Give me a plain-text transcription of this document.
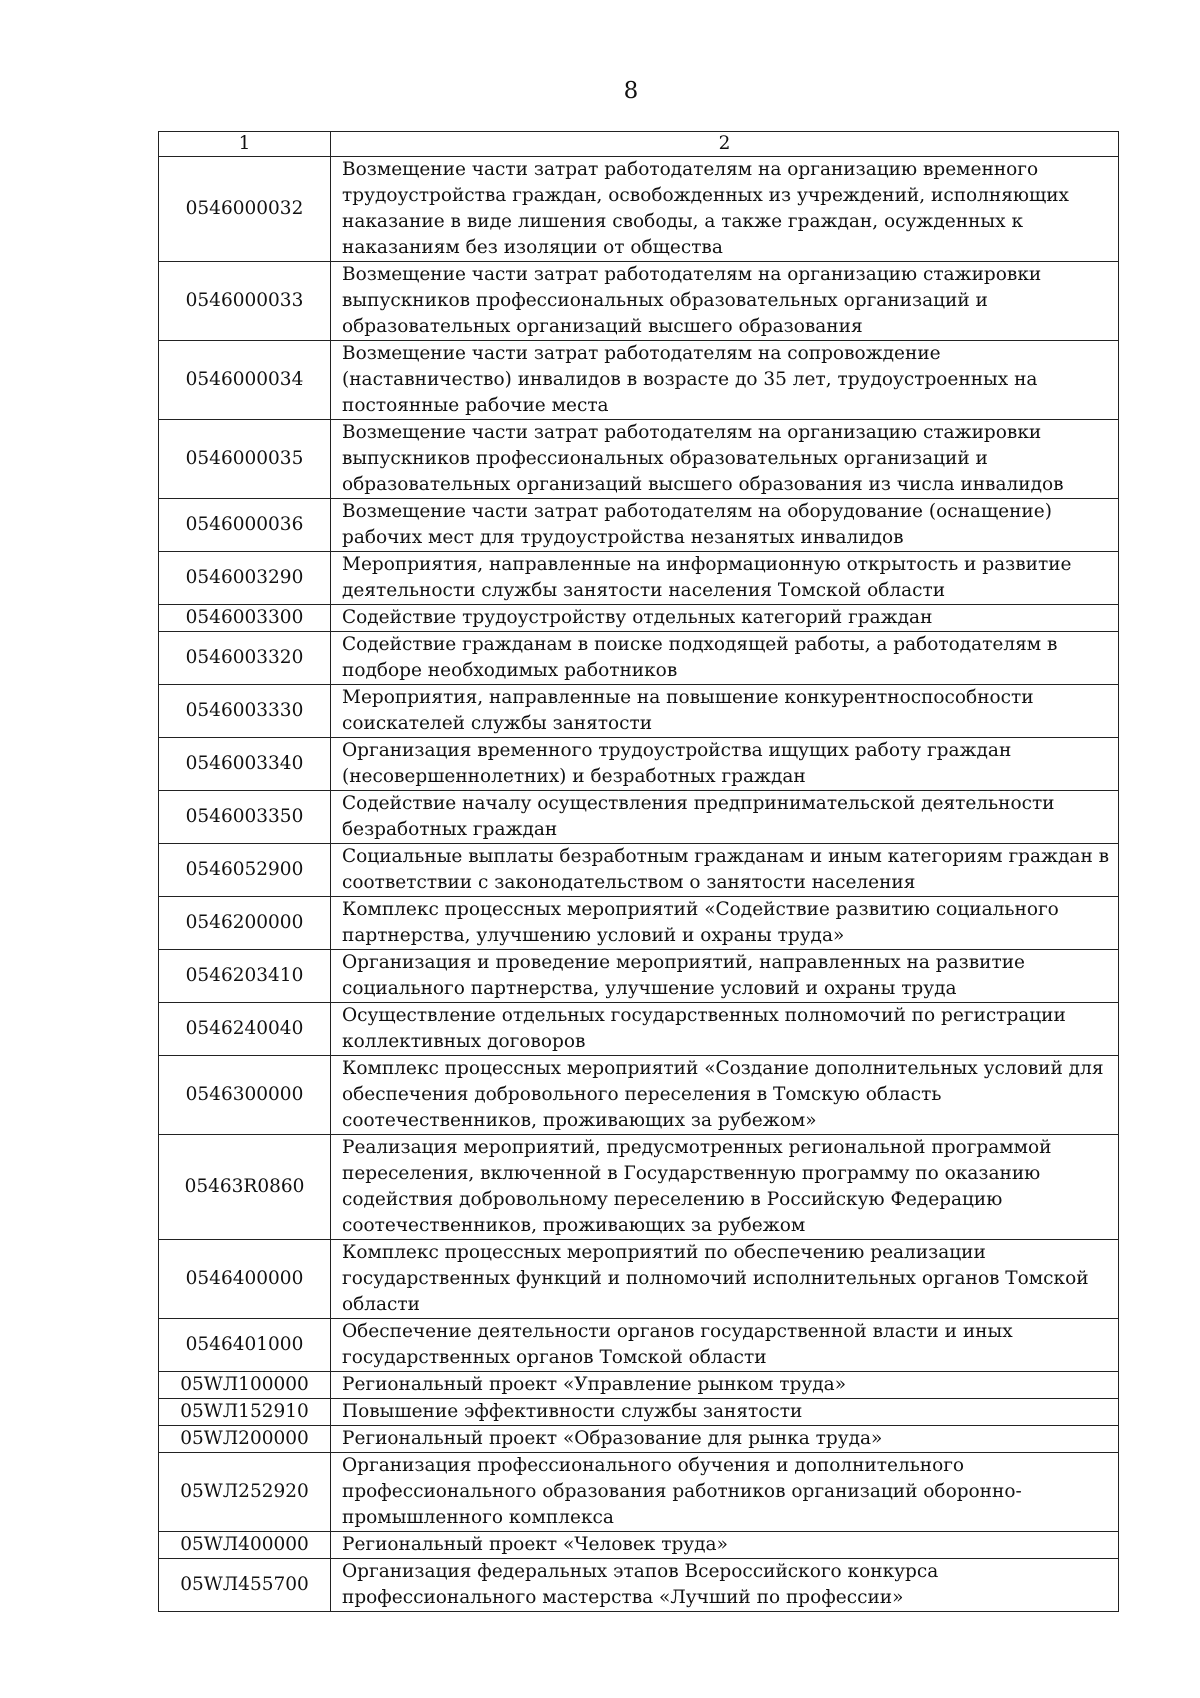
8
1	2
0546000032	Возмещение части затрат работодателям на организацию временного трудоустройства граждан, освобожденных из учреждений, исполняющих наказание в виде лишения свободы, а также граждан, осужденных к наказаниям без изоляции от общества
0546000033	Возмещение части затрат работодателям на организацию стажировки выпускников профессиональных образовательных организаций и образовательных организаций высшего образования
0546000034	Возмещение части затрат работодателям на сопровождение (наставничество) инвалидов в возрасте до 35 лет, трудоустроенных на постоянные рабочие места
0546000035	Возмещение части затрат работодателям на организацию стажировки выпускников профессиональных образовательных организаций и образовательных организаций высшего образования из числа инвалидов
0546000036	Возмещение части затрат работодателям на оборудование (оснащение) рабочих мест для трудоустройства незанятых инвалидов
0546003290	Мероприятия, направленные на информационную открытость и развитие деятельности службы занятости населения Томской области
0546003300	Содействие трудоустройству отдельных категорий граждан
0546003320	Содействие гражданам в поиске подходящей работы, а работодателям в подборе необходимых работников
0546003330	Мероприятия, направленные на повышение конкурентноспособности соискателей службы занятости
0546003340	Организация временного трудоустройства ищущих работу граждан (несовершеннолетних) и безработных граждан
0546003350	Содействие началу осуществления предпринимательской деятельности безработных граждан
0546052900	Социальные выплаты безработным гражданам и иным категориям граждан в соответствии с законодательством о занятости населения
0546200000	Комплекс процессных мероприятий «Содействие развитию социального партнерства, улучшению условий и охраны труда»
0546203410	Организация и проведение мероприятий, направленных на развитие социального партнерства, улучшение условий и охраны труда
0546240040	Осуществление отдельных государственных полномочий по регистрации коллективных договоров
0546300000	Комплекс процессных мероприятий «Создание дополнительных условий для обеспечения добровольного переселения в Томскую область соотечественников, проживающих за рубежом»
05463R0860	Реализация мероприятий, предусмотренных региональной программой переселения, включенной в Государственную программу по оказанию содействия добровольному переселению в Российскую Федерацию соотечественников, проживающих за рубежом
0546400000	Комплекс процессных мероприятий по обеспечению реализации государственных функций и полномочий исполнительных органов Томской области
0546401000	Обеспечение деятельности органов государственной власти и иных государственных органов Томской области
05WЛ100000	Региональный проект «Управление рынком труда»
05WЛ152910	Повышение эффективности службы занятости
05WЛ200000	Региональный проект «Образование для рынка труда»
05WЛ252920	Организация профессионального обучения и дополнительного профессионального образования работников организаций оборонно-промышленного комплекса
05WЛ400000	Региональный проект «Человек труда»
05WЛ455700	Организация федеральных этапов Всероссийского конкурса профессионального мастерства «Лучший по профессии»
